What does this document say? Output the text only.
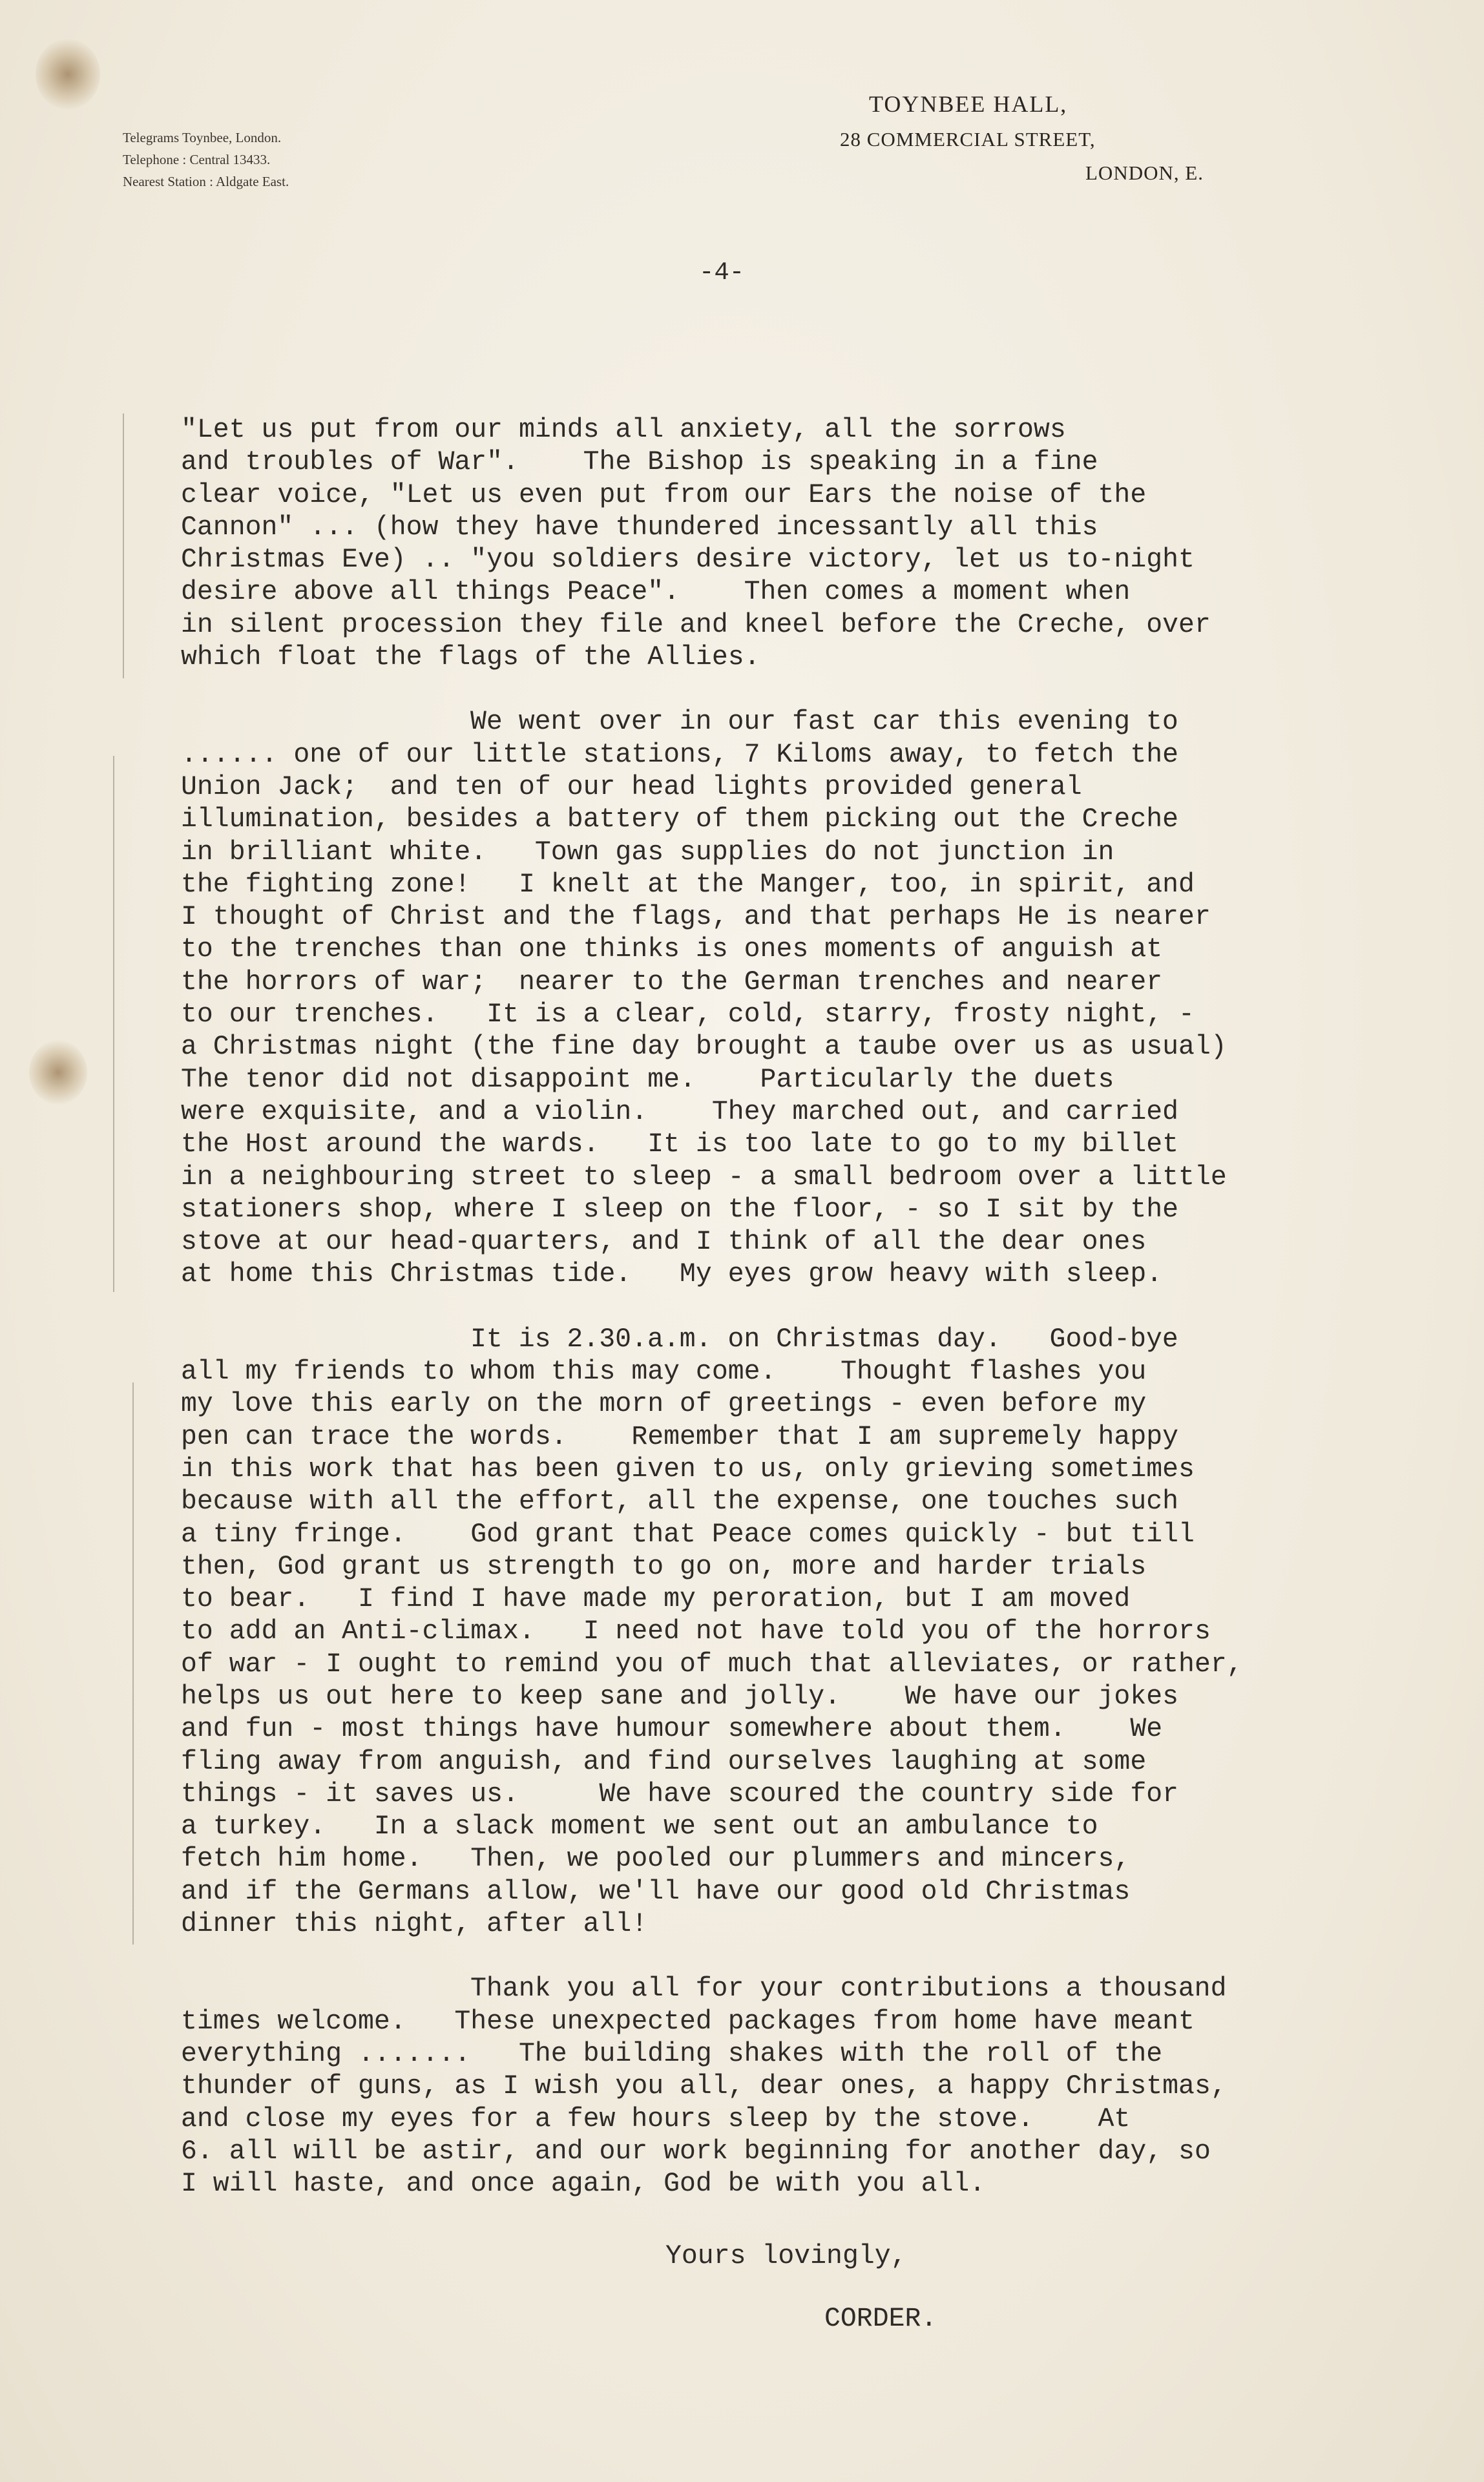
Telegrams Toynbee, London.
Telephone : Central 13433.
Nearest Station : Aldgate East.
TOYNBEE HALL,
28 COMMERCIAL STREET,
LONDON, E.
-4-
"Let us put from our minds all anxiety, all the sorrows
and troubles of War".    The Bishop is speaking in a fine
clear voice, "Let us even put from our Ears the noise of the
Cannon" ... (how they have thundered incessantly all this
Christmas Eve) .. "you soldiers desire victory, let us to-night
desire above all things Peace".    Then comes a moment when
in silent procession they file and kneel before the Creche, over
which float the flags of the Allies.
We went over in our fast car this evening to
...... one of our little stations, 7 Kiloms away, to fetch the
Union Jack;  and ten of our head lights provided general
illumination, besides a battery of them picking out the Creche
in brilliant white.   Town gas supplies do not junction in
the fighting zone!   I knelt at the Manger, too, in spirit, and
I thought of Christ and the flags, and that perhaps He is nearer
to the trenches than one thinks is ones moments of anguish at
the horrors of war;  nearer to the German trenches and nearer
to our trenches.   It is a clear, cold, starry, frosty night, -
a Christmas night (the fine day brought a taube over us as usual)
The tenor did not disappoint me.    Particularly the duets
were exquisite, and a violin.    They marched out, and carried
the Host around the wards.   It is too late to go to my billet
in a neighbouring street to sleep - a small bedroom over a little
stationers shop, where I sleep on the floor, - so I sit by the
stove at our head-quarters, and I think of all the dear ones
at home this Christmas tide.   My eyes grow heavy with sleep.
It is 2.30.a.m. on Christmas day.   Good-bye
all my friends to whom this may come.    Thought flashes you
my love this early on the morn of greetings - even before my
pen can trace the words.    Remember that I am supremely happy
in this work that has been given to us, only grieving sometimes
because with all the effort, all the expense, one touches such
a tiny fringe.    God grant that Peace comes quickly - but till
then, God grant us strength to go on, more and harder trials
to bear.   I find I have made my peroration, but I am moved
to add an Anti-climax.   I need not have told you of the horrors
of war - I ought to remind you of much that alleviates, or rather,
helps us out here to keep sane and jolly.    We have our jokes
and fun - most things have humour somewhere about them.    We
fling away from anguish, and find ourselves laughing at some
things - it saves us.     We have scoured the country side for
a turkey.   In a slack moment we sent out an ambulance to
fetch him home.   Then, we pooled our plummers and mincers,
and if the Germans allow, we'll have our good old Christmas
dinner this night, after all!
Thank you all for your contributions a thousand
times welcome.   These unexpected packages from home have meant
everything .......   The building shakes with the roll of the
thunder of guns, as I wish you all, dear ones, a happy Christmas,
and close my eyes for a few hours sleep by the stove.    At
6. all will be astir, and our work beginning for another day, so
I will haste, and once again, God be with you all.
Yours lovingly,
CORDER.
